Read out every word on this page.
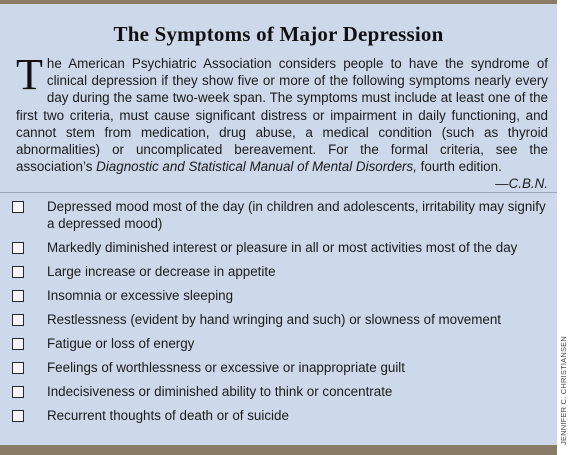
The Symptoms of Major Depression
The American Psychiatric Association considers people to have the syndrome of clinical depression if they show five or more of the following symptoms nearly every day during the same two-week span. The symptoms must include at least one of the first two criteria, must cause significant distress or impairment in daily functioning, and cannot stem from medication, drug abuse, a medical condition (such as thyroid abnormalities) or uncomplicated bereavement. For the formal criteria, see the association’s Diagnostic and Statistical Manual of Mental Disorders, fourth edition.
—C.B.N.
Depressed mood most of the day (in children and adolescents, irritability may signify a depressed mood)
Markedly diminished interest or pleasure in all or most activities most of the day
Large increase or decrease in appetite
Insomnia or excessive sleeping
Restlessness (evident by hand wringing and such) or slowness of movement
Fatigue or loss of energy
Feelings of worthlessness or excessive or inappropriate guilt
Indecisiveness or diminished ability to think or concentrate
Recurrent thoughts of death or of suicide	JENNIFER C. CHRISTIANSEN
